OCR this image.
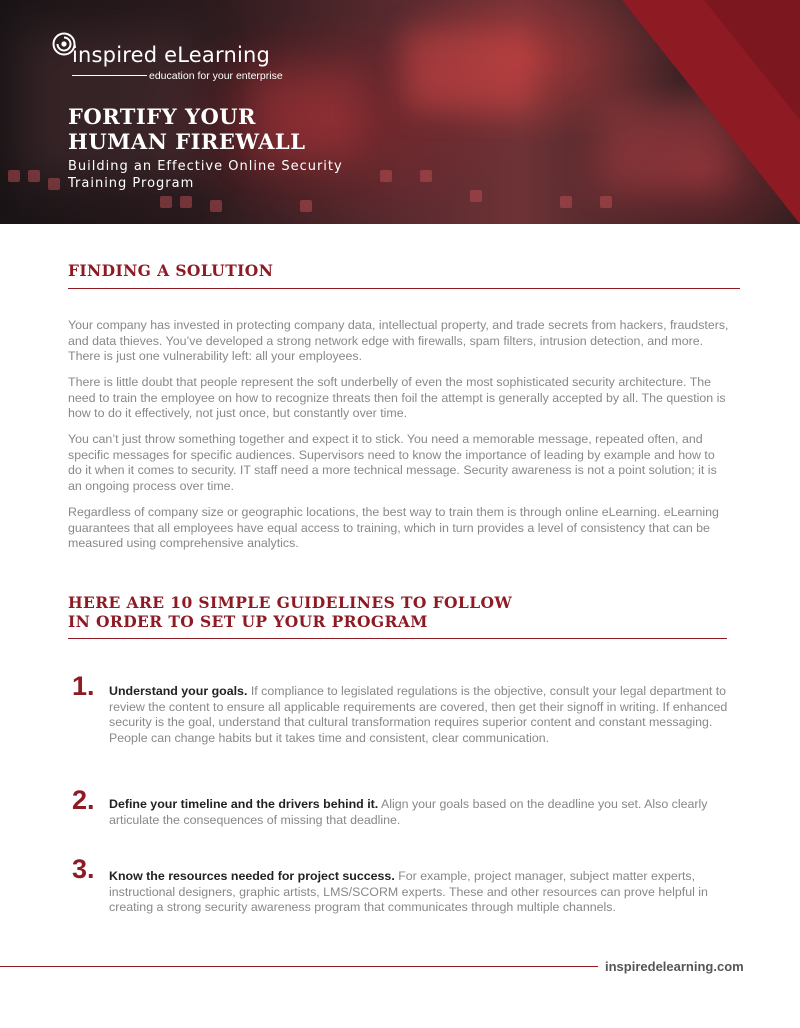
inspired eLearning
education for your enterprise
FORTIFY YOUR
HUMAN FIREWALL
Building an Effective Online Security
Training Program
FINDING A SOLUTION

Your company has invested in protecting company data, intellectual property, and trade secrets from hackers, fraudsters, and data thieves. You’ve developed a strong network edge with firewalls, spam filters, intrusion detection, and more. There is just one vulnerability left: all your employees.

There is little doubt that people represent the soft underbelly of even the most sophisticated security architecture. The need to train the employee on how to recognize threats then foil the attempt is generally accepted by all. The question is how to do it effectively, not just once, but constantly over time.

You can’t just throw something together and expect it to stick. You need a memorable message, repeated often, and specific messages for specific audiences. Supervisors need to know the importance of leading by example and how to do it when it comes to security. IT staff need a more technical message. Security awareness is not a point solution; it is an ongoing process over time.

Regardless of company size or geographic locations, the best way to train them is through online eLearning. eLearning guarantees that all employees have equal access to training, which in turn provides a level of consistency that can be measured using comprehensive analytics.

HERE ARE 10 SIMPLE GUIDELINES TO FOLLOW
IN ORDER TO SET UP YOUR PROGRAM
1. Understand your goals. If compliance to legislated regulations is the objective, consult your legal department to review the content to ensure all applicable requirements are covered, then get their signoff in writing. If enhanced security is the goal, understand that cultural transformation requires superior content and constant messaging. People can change habits but it takes time and consistent, clear communication.

2. Define your timeline and the drivers behind it. Align your goals based on the deadline you set. Also clearly articulate the consequences of missing that deadline.

3. Know the resources needed for project success. For example, project manager, subject matter experts, instructional designers, graphic artists, LMS/SCORM experts. These and other resources can prove helpful in creating a strong security awareness program that communicates through multiple channels.

inspiredelearning.com
